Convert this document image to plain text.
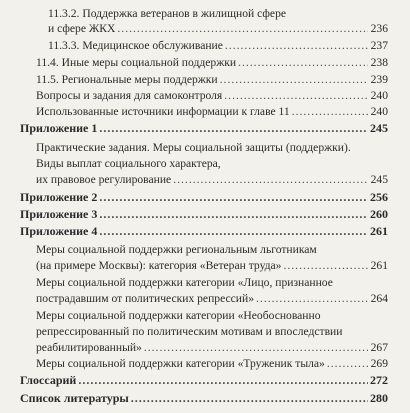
11.3.2. Поддержка ветеранов в жилищной сфере
и сфере ЖКХ .....	236
11.3.3. Медицинское обслуживание .....	237
11.4. Иные меры социальной поддержки .....	238
11.5. Региональные меры поддержки .....	239
Вопросы и задания для самоконтроля .....	240
Использованные источники информации к главе 11 .....	240
Приложение 1 .....	245
Практические задания. Меры социальной защиты (поддержки).
Виды выплат социального характера,
их правовое регулирование .....	245
Приложение 2 .....	256
Приложение 3 .....	260
Приложение 4 .....	261
Меры социальной поддержки региональным льготникам
(на примере Москвы): категория «Ветеран труда» .....	261
Меры социальной поддержки категории «Лицо, признанное
пострадавшим от политических репрессий» .....	264
Меры социальной поддержки категории «Необоснованно
репрессированный по политическим мотивам и впоследствии
реабилитированный» .....	267
Меры социальной поддержки категории «Труженик тыла» .....	269
Глоссарий .....	272
Список литературы .....	280
